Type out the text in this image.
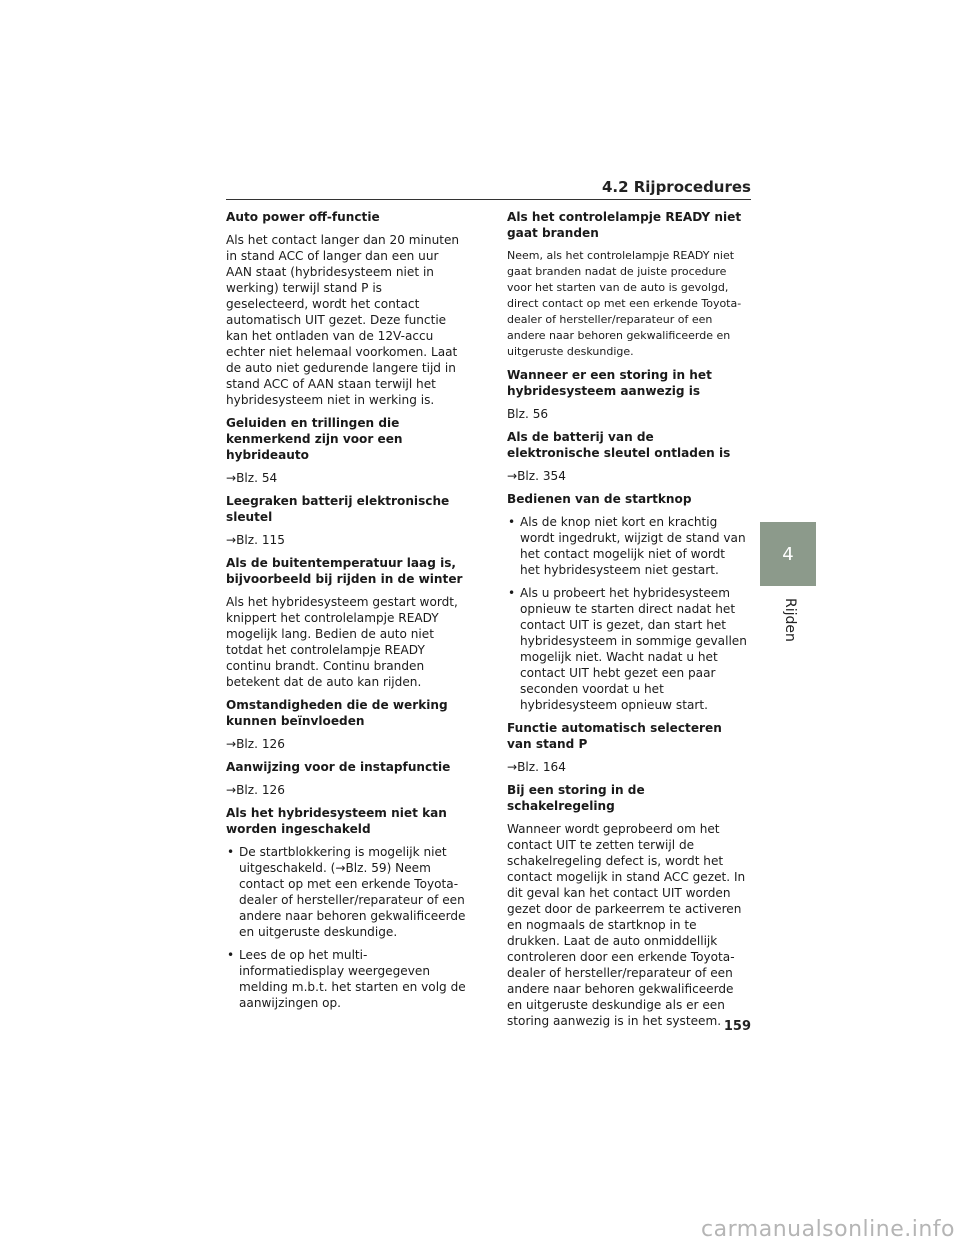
4.2 Rijprocedures
Auto power off-functie

Als het contact langer dan 20 minuten in stand ACC of langer dan een uur AAN staat (hybridesysteem niet in werking) terwijl stand P is geselecteerd, wordt het contact automatisch UIT gezet. Deze functie kan het ontladen van de 12V-accu echter niet helemaal voorkomen. Laat de auto niet gedurende langere tijd in stand ACC of AAN staan terwijl het hybridesysteem niet in werking is.

Geluiden en trillingen die kenmerkend zijn voor een hybrideauto

→Blz. 54

Leegraken batterij elektronische sleutel

→Blz. 115

Als de buitentemperatuur laag is, bijvoorbeeld bij rijden in de winter

Als het hybridesysteem gestart wordt, knippert het controlelampje READY mogelijk lang. Bedien de auto niet totdat het controlelampje READY continu brandt. Continu branden betekent dat de auto kan rijden.

Omstandigheden die de werking kunnen beïnvloeden

→Blz. 126

Aanwijzing voor de instapfunctie

→Blz. 126

Als het hybridesysteem niet kan worden ingeschakeld
• De startblokkering is mogelijk niet uitgeschakeld. (→Blz. 59) Neem contact op met een erkende Toyota-dealer of hersteller/reparateur of een andere naar behoren gekwalificeerde en uitgeruste deskundige.
• Lees de op het multi-informatiedisplay weergegeven melding m.b.t. het starten en volg de aanwijzingen op.
Als het controlelampje READY niet gaat branden

Neem, als het controlelampje READY niet gaat branden nadat de juiste procedure voor het starten van de auto is gevolgd, direct contact op met een erkende Toyota-dealer of hersteller/reparateur of een andere naar behoren gekwalificeerde en uitgeruste deskundige.

Wanneer er een storing in het hybridesysteem aanwezig is

Blz. 56

Als de batterij van de elektronische sleutel ontladen is

→Blz. 354

Bedienen van de startknop
• Als de knop niet kort en krachtig wordt ingedrukt, wijzigt de stand van het contact mogelijk niet of wordt het hybridesysteem niet gestart.
• Als u probeert het hybridesysteem opnieuw te starten direct nadat het contact UIT is gezet, dan start het hybridesysteem in sommige gevallen mogelijk niet. Wacht nadat u het contact UIT hebt gezet een paar seconden voordat u het hybridesysteem opnieuw start.
Functie automatisch selecteren van stand P

→Blz. 164

Bij een storing in de schakelregeling

Wanneer wordt geprobeerd om het contact UIT te zetten terwijl de schakelregeling defect is, wordt het contact mogelijk in stand ACC gezet. In dit geval kan het contact UIT worden gezet door de parkeerrem te activeren en nogmaals de startknop in te drukken. Laat de auto onmiddellijk controleren door een erkende Toyota-dealer of hersteller/reparateur of een andere naar behoren gekwalificeerde en uitgeruste deskundige als er een storing aanwezig is in het systeem.

4
Rijden
159
carmanualsonline.info
